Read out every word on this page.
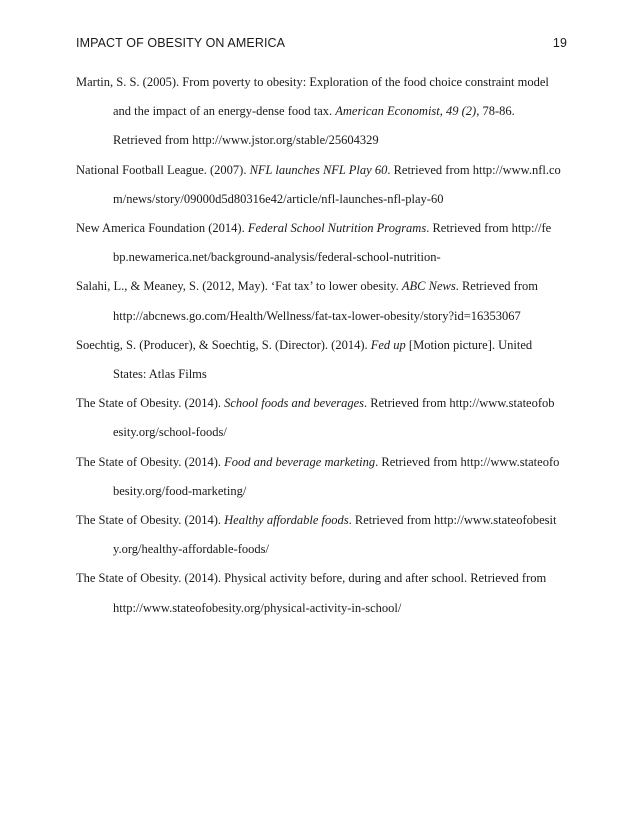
IMPACT OF OBESITY ON AMERICA	19
Martin, S. S. (2005). From poverty to obesity: Exploration of the food choice constraint model
and the impact of an energy-dense food tax. American Economist, 49 (2), 78-86.
Retrieved from http://www.jstor.org/stable/25604329
National Football League. (2007). NFL launches NFL Play 60. Retrieved from http://www.nfl.co
m/news/story/09000d5d80316e42/article/nfl-launches-nfl-play-60
New America Foundation (2014). Federal School Nutrition Programs. Retrieved from http://fe
bp.newamerica.net/background-analysis/federal-school-nutrition-
Salahi, L., & Meaney, S. (2012, May). ‘Fat tax’ to lower obesity. ABC News. Retrieved from
http://abcnews.go.com/Health/Wellness/fat-tax-lower-obesity/story?id=16353067
Soechtig, S. (Producer), & Soechtig, S. (Director). (2014). Fed up [Motion picture]. United
States: Atlas Films
The State of Obesity. (2014). School foods and beverages. Retrieved from http://www.stateofob
esity.org/school-foods/
The State of Obesity. (2014). Food and beverage marketing. Retrieved from http://www.stateofo
besity.org/food-marketing/
The State of Obesity. (2014). Healthy affordable foods. Retrieved from http://www.stateofobesit
y.org/healthy-affordable-foods/
The State of Obesity. (2014). Physical activity before, during and after school. Retrieved from
http://www.stateofobesity.org/physical-activity-in-school/
